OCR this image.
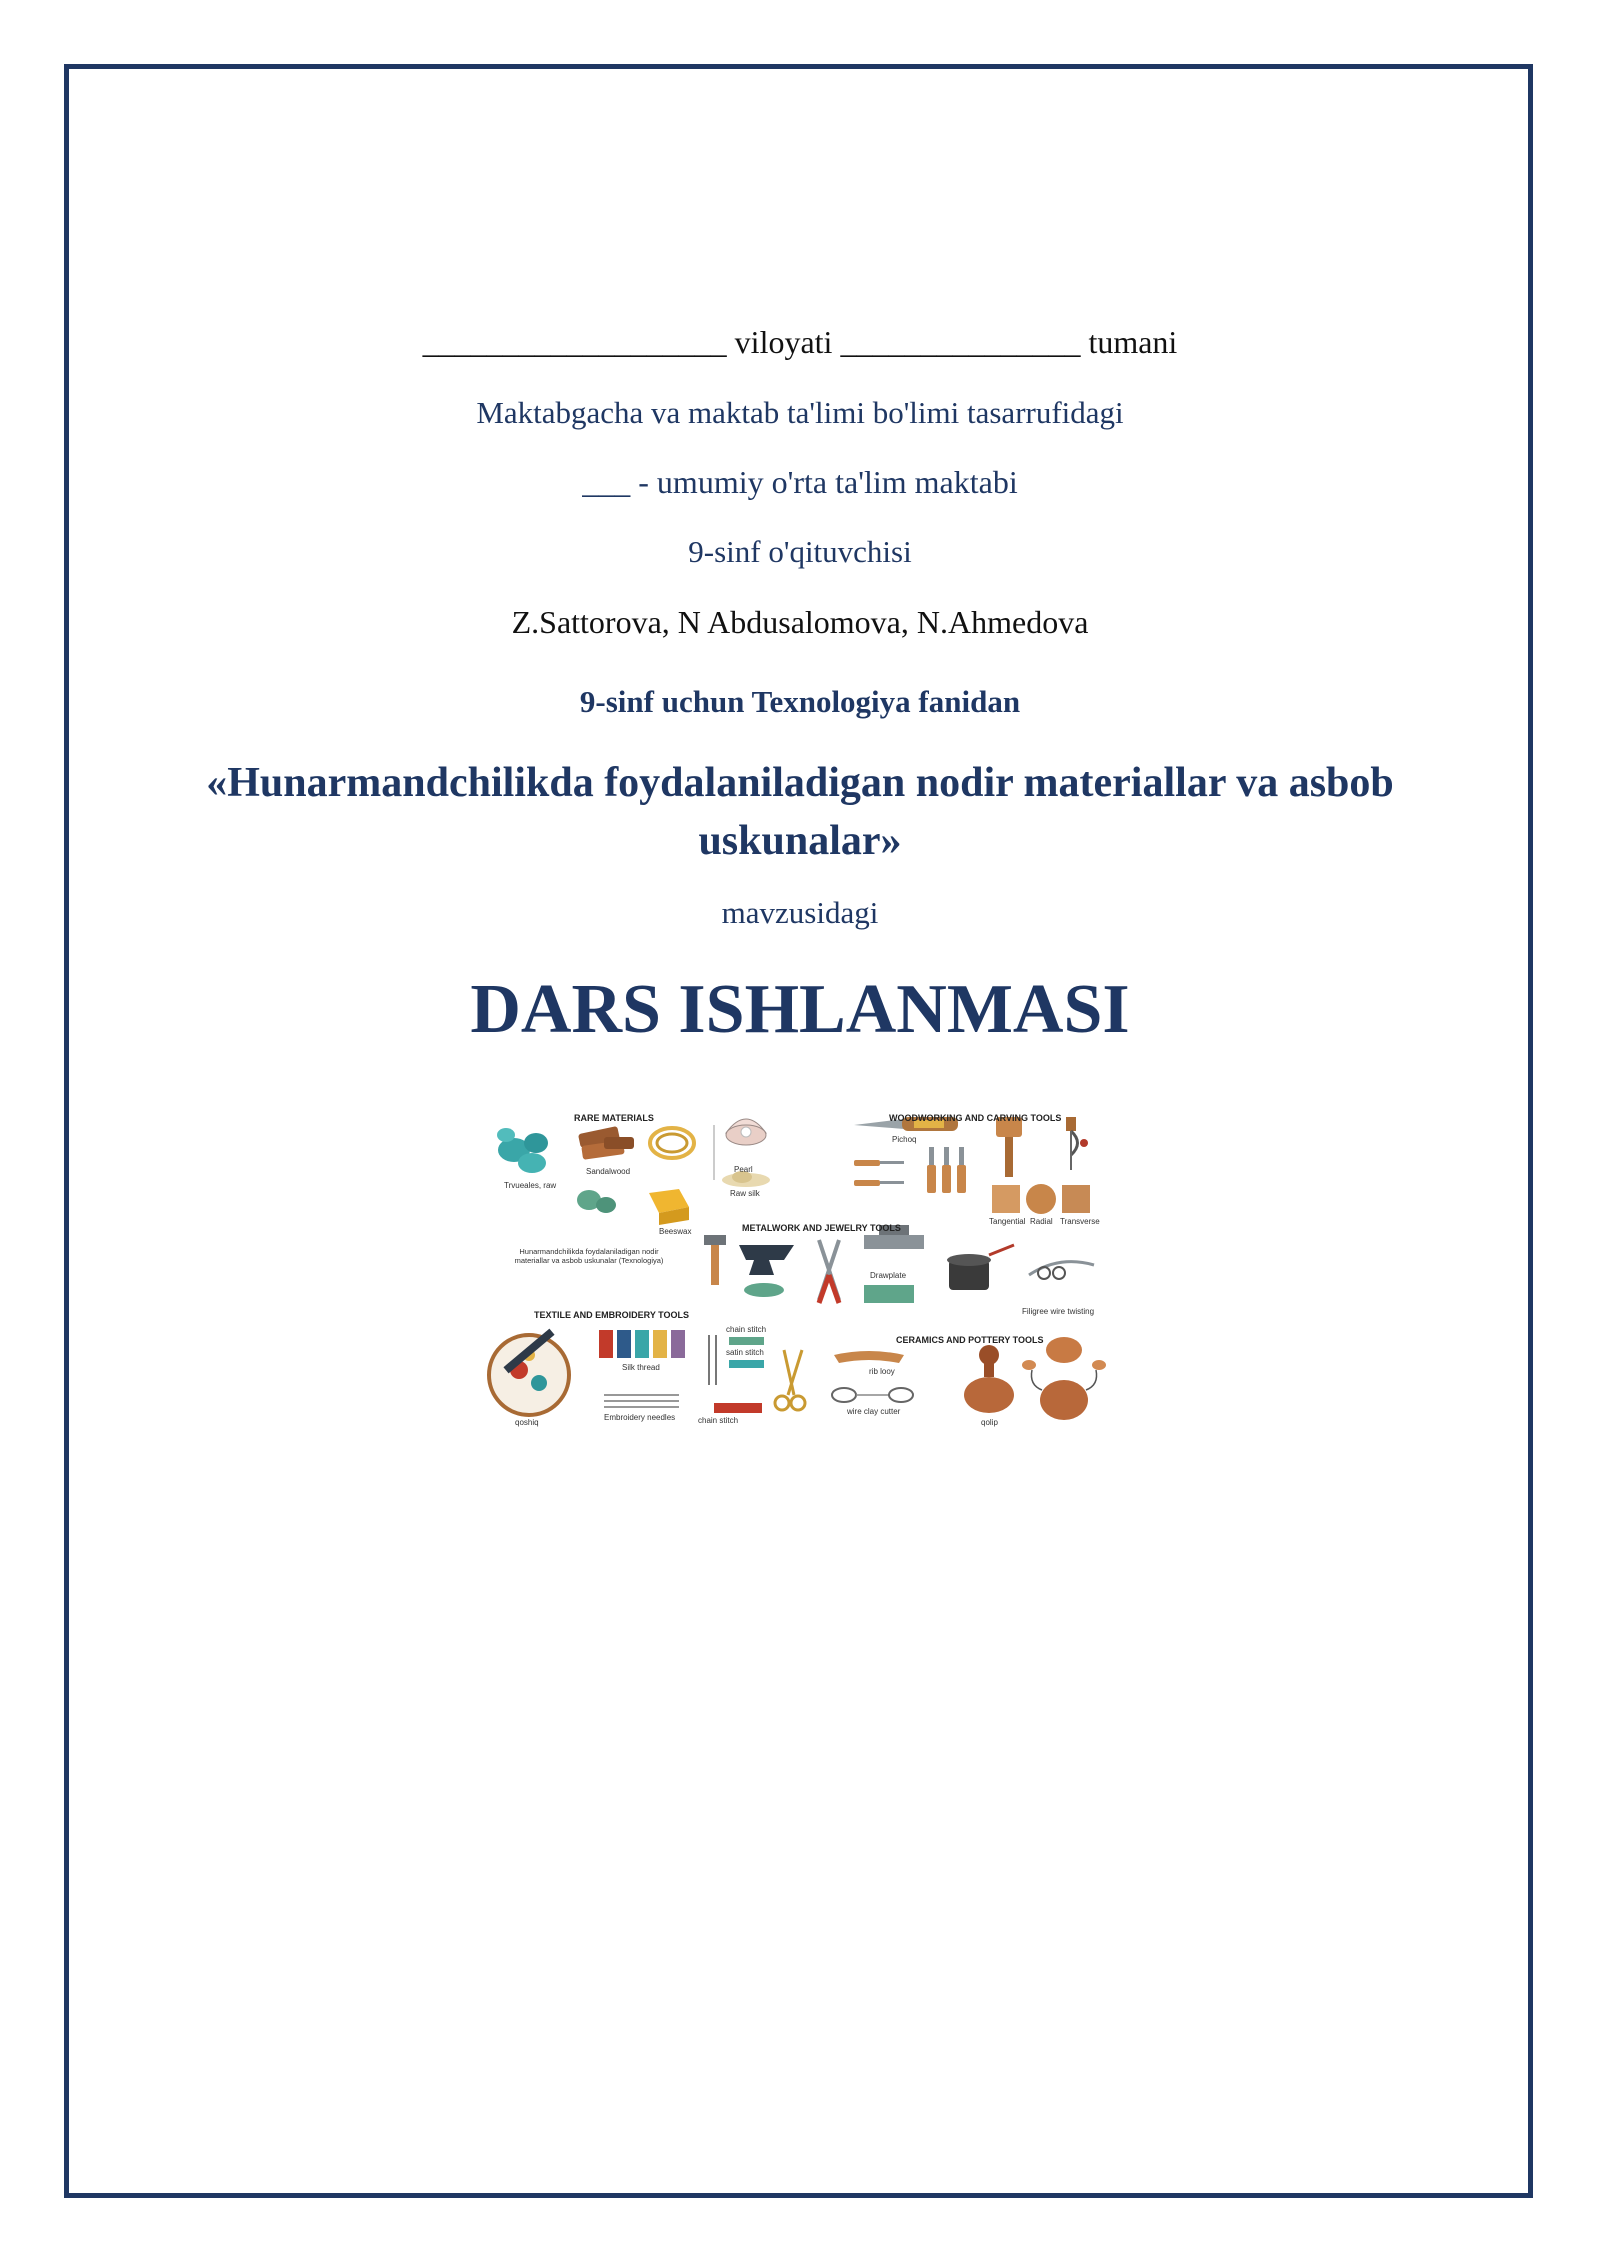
___________________ viloyati _______________ tumani
Maktabgacha va maktab ta'limi bo'limi tasarrufidagi
___ - umumiy o'rta ta'lim maktabi
9-sinf o'qituvchisi
Z.Sattorova, N Abdusalomova, N.Ahmedova
9-sinf uchun Texnologiya fanidan
«Hunarmandchilikda foydalaniladigan nodir materiallar va asbob uskunalar»
mavzusidagi
DARS ISHLANMASI
RARE MATERIALS	WOODWORKING AND CARVING TOOLS
METALWORK AND JEWELRY TOOLS
TEXTILE AND EMBROIDERY TOOLS
CERAMICS AND POTTERY TOOLS
Trvueales, raw
Sandalwood	Pearl
Raw silk
Beeswax
Pichoq
Tangential Radial Transverse
Drawplate
Filigree wire twisting
Silk thread
chain stitch
satin stitch
Embroidery needles	chain stitch
qoshiq
rib looy
wire clay cutter
qolip
Hunarmandchilikda foydalaniladigan nodir materiallar va asbob uskunalar (Texnologiya)
